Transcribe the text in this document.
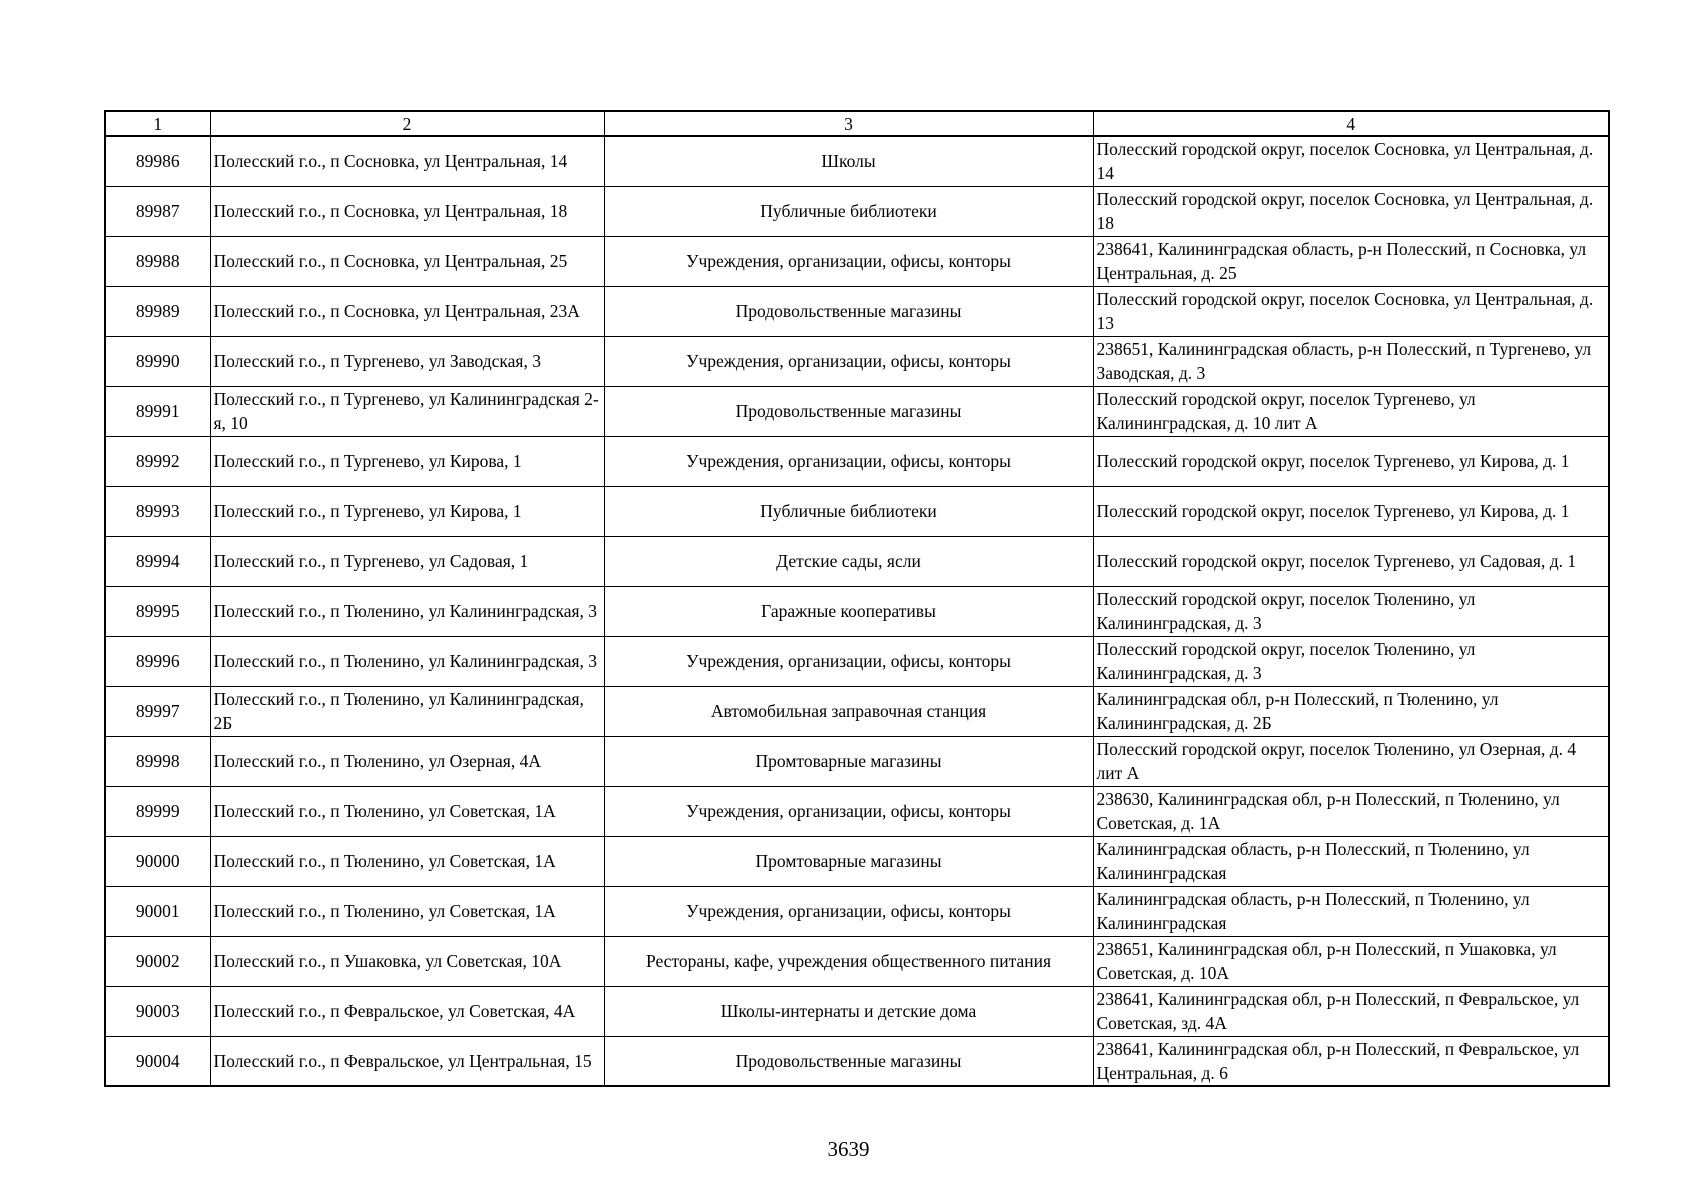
1	2	3	4
89986	Полесский г.о., п Сосновка, ул Центральная, 14	Школы	Полесский городской округ, поселок Сосновка, ул Центральная, д. 14
89987	Полесский г.о., п Сосновка, ул Центральная, 18	Публичные библиотеки	Полесский городской округ, поселок Сосновка, ул Центральная, д. 18
89988	Полесский г.о., п Сосновка, ул Центральная, 25	Учреждения, организации, офисы, конторы	238641, Калининградская область, р-н Полесский, п Сосновка, ул Центральная, д. 25
89989	Полесский г.о., п Сосновка, ул Центральная, 23А	Продовольственные магазины	Полесский городской округ, поселок Сосновка, ул Центральная, д. 13
89990	Полесский г.о., п Тургенево, ул Заводская, 3	Учреждения, организации, офисы, конторы	238651, Калининградская область, р-н Полесский, п Тургенево, ул Заводская, д. 3
89991	Полесский г.о., п Тургенево, ул Калининградская 2-я, 10	Продовольственные магазины	Полесский городской округ, поселок Тургенево, ул Калининградская, д. 10 лит А
89992	Полесский г.о., п Тургенево, ул Кирова, 1	Учреждения, организации, офисы, конторы	Полесский городской округ, поселок Тургенево, ул Кирова, д. 1
89993	Полесский г.о., п Тургенево, ул Кирова, 1	Публичные библиотеки	Полесский городской округ, поселок Тургенево, ул Кирова, д. 1
89994	Полесский г.о., п Тургенево, ул Садовая, 1	Детские сады, ясли	Полесский городской округ, поселок Тургенево, ул Садовая, д. 1
89995	Полесский г.о., п Тюленино, ул Калининградская, 3	Гаражные кооперативы	Полесский городской округ, поселок Тюленино, ул Калининградская, д. 3
89996	Полесский г.о., п Тюленино, ул Калининградская, 3	Учреждения, организации, офисы, конторы	Полесский городской округ, поселок Тюленино, ул Калининградская, д. 3
89997	Полесский г.о., п Тюленино, ул Калининградская, 2Б	Автомобильная заправочная станция	Калининградская обл, р-н Полесский, п Тюленино, ул Калининградская, д. 2Б
89998	Полесский г.о., п Тюленино, ул Озерная, 4А	Промтоварные магазины	Полесский городской округ, поселок Тюленино, ул Озерная, д. 4 лит А
89999	Полесский г.о., п Тюленино, ул Советская, 1А	Учреждения, организации, офисы, конторы	238630, Калининградская обл, р-н Полесский, п Тюленино, ул Советская, д. 1А
90000	Полесский г.о., п Тюленино, ул Советская, 1А	Промтоварные магазины	Калининградская область, р-н Полесский, п Тюленино, ул Калининградская
90001	Полесский г.о., п Тюленино, ул Советская, 1А	Учреждения, организации, офисы, конторы	Калининградская область, р-н Полесский, п Тюленино, ул Калининградская
90002	Полесский г.о., п Ушаковка, ул Советская, 10А	Рестораны, кафе, учреждения общественного питания	238651, Калининградская обл, р-н Полесский, п Ушаковка, ул Советская, д. 10А
90003	Полесский г.о., п Февральское, ул Советская, 4А	Школы-интернаты и детские дома	238641, Калининградская обл, р-н Полесский, п Февральское, ул Советская, зд. 4А
90004	Полесский г.о., п Февральское, ул Центральная, 15	Продовольственные магазины	238641, Калининградская обл, р-н Полесский, п Февральское, ул Центральная, д. 6
3639
